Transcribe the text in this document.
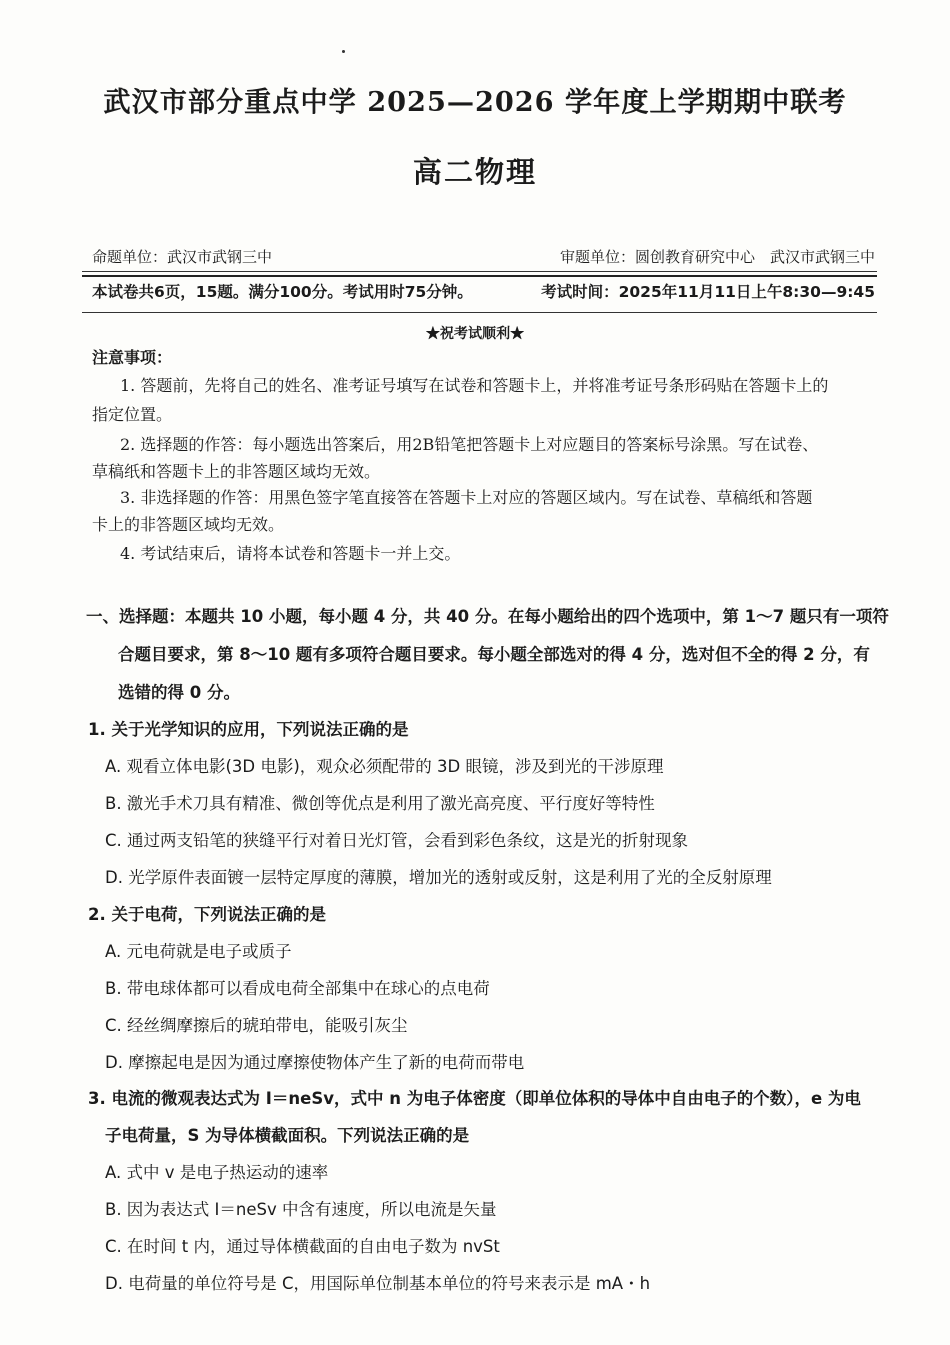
武汉市部分重点中学 2025—2026 学年度上学期期中联考
高二物理
命题单位：武汉市武钢三中	审题单位：圆创教育研究中心　武汉市武钢三中
本试卷共6页，15题。满分100分。考试用时75分钟。	考试时间：2025年11月11日上午8:30—9:45
★祝考试顺利★
注意事项：
1. 答题前，先将自己的姓名、准考证号填写在试卷和答题卡上，并将准考证号条形码贴在答题卡上的
指定位置。
2. 选择题的作答：每小题选出答案后，用2B铅笔把答题卡上对应题目的答案标号涂黑。写在试卷、
草稿纸和答题卡上的非答题区域均无效。
3. 非选择题的作答：用黑色签字笔直接答在答题卡上对应的答题区域内。写在试卷、草稿纸和答题
卡上的非答题区域均无效。
4. 考试结束后，请将本试卷和答题卡一并上交。
一、选择题：本题共 10 小题，每小题 4 分，共 40 分。在每小题给出的四个选项中，第 1～7 题只有一项符
合题目要求，第 8～10 题有多项符合题目要求。每小题全部选对的得 4 分，选对但不全的得 2 分，有
选错的得 0 分。
1. 关于光学知识的应用，下列说法正确的是
A. 观看立体电影(3D 电影)，观众必须配带的 3D 眼镜，涉及到光的干涉原理
B. 激光手术刀具有精准、微创等优点是利用了激光高亮度、平行度好等特性
C. 通过两支铅笔的狭缝平行对着日光灯管，会看到彩色条纹，这是光的折射现象
D. 光学原件表面镀一层特定厚度的薄膜，增加光的透射或反射，这是利用了光的全反射原理
2. 关于电荷，下列说法正确的是
A. 元电荷就是电子或质子
B. 带电球体都可以看成电荷全部集中在球心的点电荷
C. 经丝绸摩擦后的琥珀带电，能吸引灰尘
D. 摩擦起电是因为通过摩擦使物体产生了新的电荷而带电
3. 电流的微观表达式为 I＝neSv，式中 n 为电子体密度（即单位体积的导体中自由电子的个数），e 为电
子电荷量，S 为导体横截面积。下列说法正确的是
A. 式中 v 是电子热运动的速率
B. 因为表达式 I＝neSv 中含有速度，所以电流是矢量
C. 在时间 t 内，通过导体横截面的自由电子数为 nvSt
D. 电荷量的单位符号是 C，用国际单位制基本单位的符号来表示是 mA・h
